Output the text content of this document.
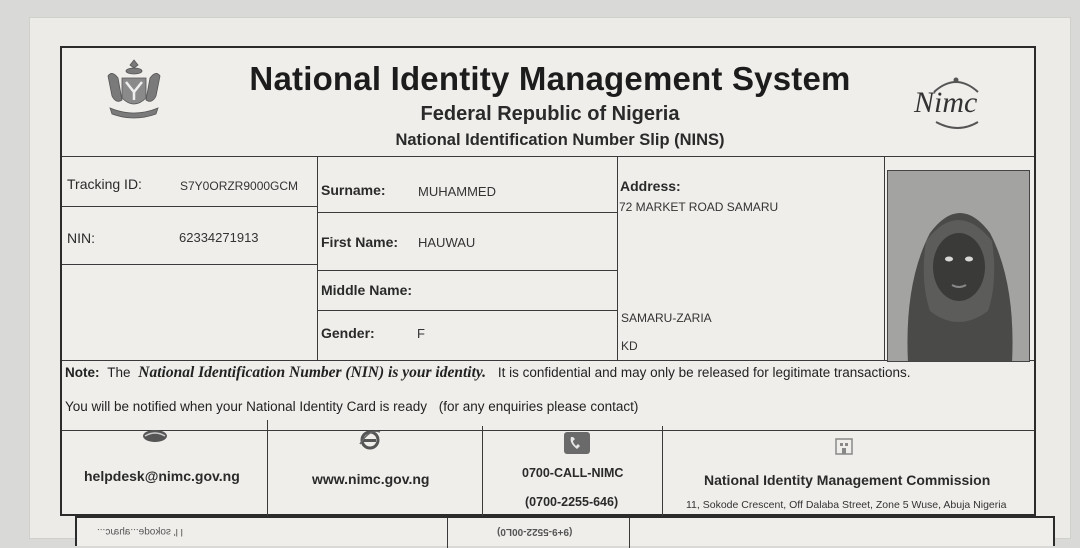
National Identity Management System
Federal Republic of Nigeria
National Identification Number Slip (NINS)
Nimc
Tracking ID:	S7Y0ORZR9000GCM
NIN:	62334271913
Surname: MUHAMMED
First Name: HAUWAU
Middle Name:
Gender:	F
Address:
72 MARKET ROAD SAMARU
SAMARU-ZARIA
KD
Note: The National Identification Number (NIN) is your identity. It is confidential and may only be released for legitimate transactions.
You will be notified when your National Identity Card is ready (for any enquiries please contact)
helpdesk@nimc.gov.ng	www.nimc.gov.ng	0700-CALL-NIMC
(0700-2255-646)
National Identity Management Commission
11, Sokode Crescent, Off Dalaba Street, Zone 5 Wuse, Abuja Nigeria
...ɔɾɐɥɐ...ǝpoʞos 'l l	(9+9-5522-00L0)
